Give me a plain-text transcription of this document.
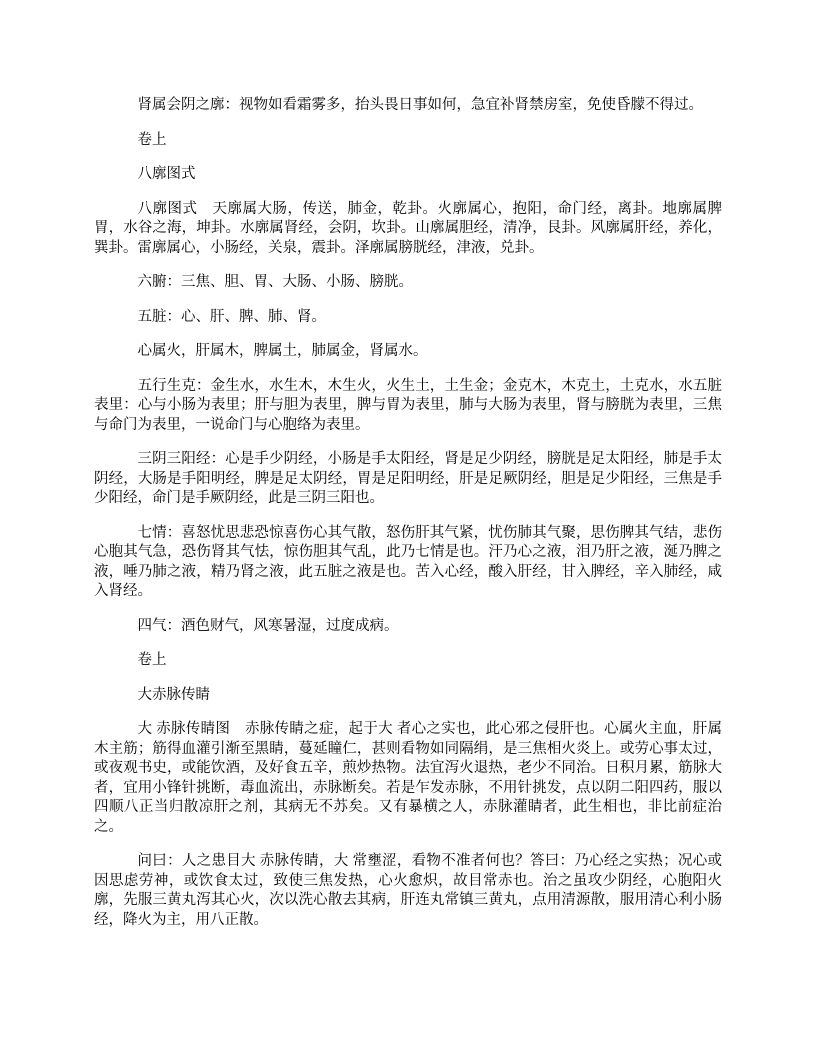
肾属会阴之廓：视物如看霜雾多，抬头畏日事如何，急宜补肾禁房室，免使昏朦不得过。

卷上

八廓图式

八廓图式　天廓属大肠，传送，肺金，乾卦。火廓属心，抱阳，命门经，离卦。地廓属脾胃，水谷之海，坤卦。水廓属肾经，会阴，坎卦。山廓属胆经，清净，艮卦。风廓属肝经，养化，巽卦。雷廓属心，小肠经，关泉，震卦。泽廓属膀胱经，津液，兑卦。

六腑：三焦、胆、胃、大肠、小肠、膀胱。

五脏：心、肝、脾、肺、肾。

心属火，肝属木，脾属土，肺属金，肾属水。

五行生克：金生水，水生木，木生火，火生土，土生金；金克木，木克土，土克水，水五脏表里：心与小肠为表里；肝与胆为表里，脾与胃为表里，肺与大肠为表里，肾与膀胱为表里，三焦与命门为表里，一说命门与心胞络为表里。

三阴三阳经：心是手少阴经，小肠是手太阳经，肾是足少阴经，膀胱是足太阳经，肺是手太阴经，大肠是手阳明经，脾是足太阴经，胃是足阳明经，肝是足厥阴经，胆是足少阳经，三焦是手少阳经，命门是手厥阴经，此是三阴三阳也。

七情：喜怒忧思悲恐惊喜伤心其气散，怒伤肝其气紧，忧伤肺其气聚，思伤脾其气结，悲伤心胞其气急，恐伤肾其气怯，惊伤胆其气乱，此乃七情是也。汗乃心之液，泪乃肝之液，涎乃脾之液，唾乃肺之液，精乃肾之液，此五脏之液是也。苦入心经，酸入肝经，甘入脾经，辛入肺经，咸入肾经。

四气：酒色财气，风寒暑湿，过度成病。

卷上

大赤脉传睛

大 赤脉传睛图　赤脉传睛之症，起于大 者心之实也，此心邪之侵肝也。心属火主血，肝属木主筋；筋得血灌引渐至黑睛，蔓延瞳仁，甚则看物如同隔绢，是三焦相火炎上。或劳心事太过，或夜观书史，或能饮酒，及好食五辛，煎炒热物。法宜泻火退热，老少不同治。日积月累，筋脉大者，宜用小锋针挑断，毒血流出，赤脉断矣。若是乍发赤脉，不用针挑发，点以阴二阳四药，服以四顺八正当归散凉肝之剂，其病无不苏矣。又有暴横之人，赤脉灌睛者，此生相也，非比前症治之。

问曰：人之患目大 赤脉传睛，大 常壅涩，看物不准者何也？答曰：乃心经之实热；况心或因思虑劳神，或饮食太过，致使三焦发热，心火愈炽，故目常赤也。治之虽攻少阴经，心胞阳火廓，先服三黄丸泻其心火，次以洗心散去其病，肝连丸常镇三黄丸，点用清源散，服用清心利小肠经，降火为主，用八正散。
